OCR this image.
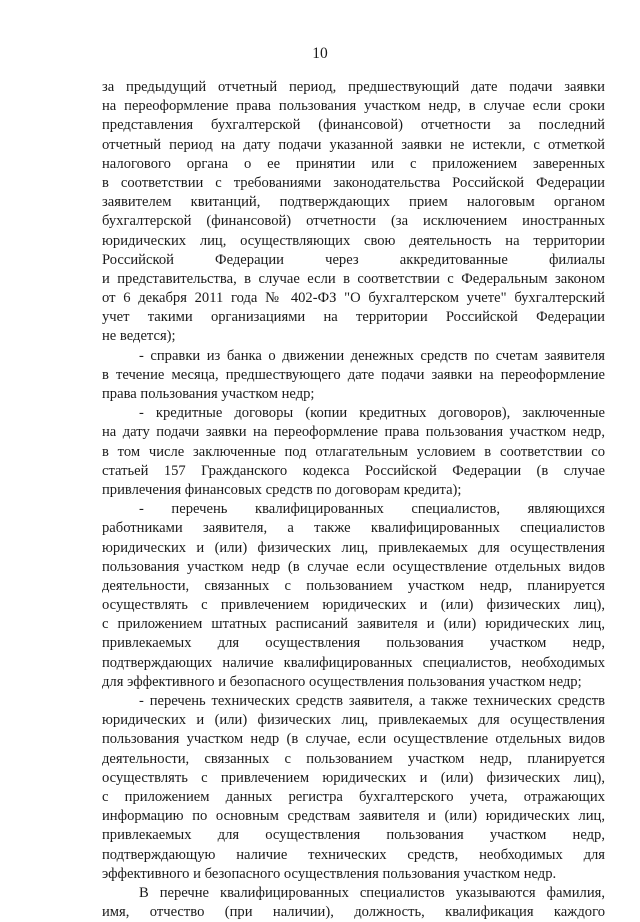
10
за предыдущий отчетный период, предшествующий дате подачи заявки
на переоформление права пользования участком недр, в случае если сроки
представления бухгалтерской (финансовой) отчетности за последний
отчетный период на дату подачи указанной заявки не истекли, с отметкой
налогового органа о ее принятии или с приложением заверенных
в соответствии с требованиями законодательства Российской Федерации
заявителем квитанций, подтверждающих прием налоговым органом
бухгалтерской (финансовой) отчетности (за исключением иностранных
юридических лиц, осуществляющих свою деятельность на территории
Российской Федерации через аккредитованные филиалы
и представительства, в случае если в соответствии с Федеральным законом
от 6 декабря 2011 года № 402-ФЗ "О бухгалтерском учете" бухгалтерский
учет такими организациями на территории Российской Федерации
не ведется);
- справки из банка о движении денежных средств по счетам заявителя
в течение месяца, предшествующего дате подачи заявки на переоформление
права пользования участком недр;
- кредитные договоры (копии кредитных договоров), заключенные
на дату подачи заявки на переоформление права пользования участком недр,
в том числе заключенные под отлагательным условием в соответствии со
статьей 157 Гражданского кодекса Российской Федерации (в случае
привлечения финансовых средств по договорам кредита);
- перечень квалифицированных специалистов, являющихся
работниками заявителя, а также квалифицированных специалистов
юридических и (или) физических лиц, привлекаемых для осуществления
пользования участком недр (в случае если осуществление отдельных видов
деятельности, связанных с пользованием участком недр, планируется
осуществлять с привлечением юридических и (или) физических лиц),
с приложением штатных расписаний заявителя и (или) юридических лиц,
привлекаемых для осуществления пользования участком недр,
подтверждающих наличие квалифицированных специалистов, необходимых
для эффективного и безопасного осуществления пользования участком недр;
- перечень технических средств заявителя, а также технических средств
юридических и (или) физических лиц, привлекаемых для осуществления
пользования участком недр (в случае, если осуществление отдельных видов
деятельности, связанных с пользованием участком недр, планируется
осуществлять с привлечением юридических и (или) физических лиц),
с приложением данных регистра бухгалтерского учета, отражающих
информацию по основным средствам заявителя и (или) юридических лиц,
привлекаемых для осуществления пользования участком недр,
подтверждающую наличие технических средств, необходимых для
эффективного и безопасного осуществления пользования участком недр.
В перечне квалифицированных специалистов указываются фамилия,
имя, отчество (при наличии), должность, квалификация каждого
